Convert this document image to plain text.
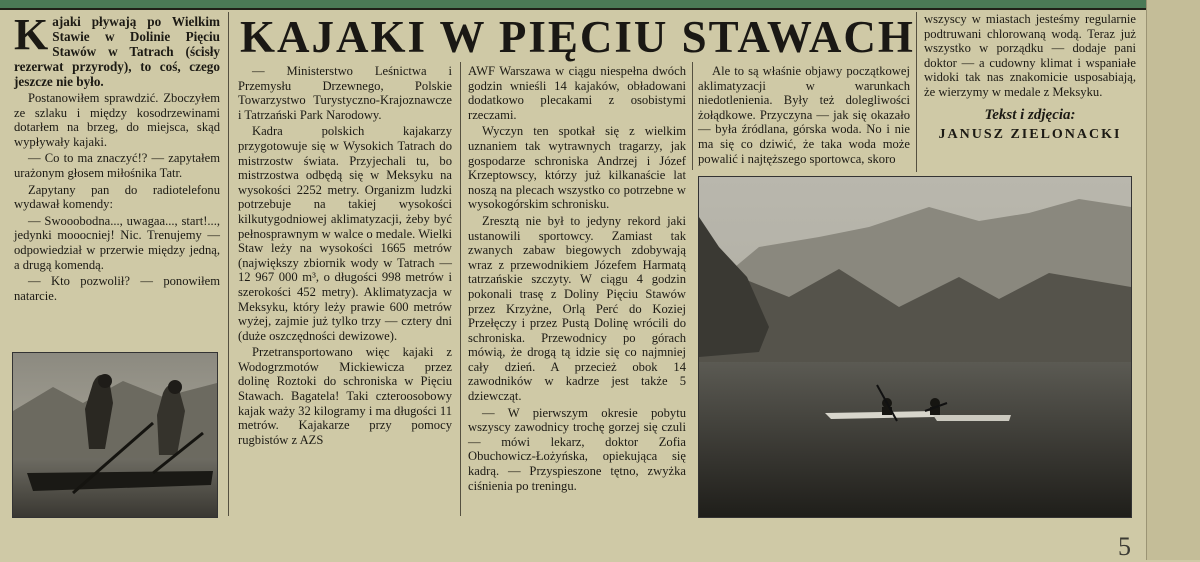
KAJAKI W PIĘCIU STAWACH

Kajaki pływają po Wielkim Stawie w Dolinie Pięciu Stawów w Tatrach (ścisły rezerwat przyrody), to coś, czego jeszcze nie było.

Postanowiłem sprawdzić. Zboczyłem ze szlaku i między kosodrzewinami dotarłem na brzeg, do miejsca, skąd wypływały kajaki.

— Co to ma znaczyć!? — zapytałem urażonym głosem miłośnika Tatr.

Zapytany pan do radiotelefonu wydawał komendy:

— Swooobodna..., uwagaa..., start!..., jedynki mooocniej! Nic. Trenujemy — odpowiedział w przerwie między jedną, a drugą komendą.

— Kto pozwolił? — ponowiłem natarcie.

— Ministerstwo Leśnictwa i Przemysłu Drzewnego, Polskie Towarzystwo Turystyczno-Krajoznawcze i Tatrzański Park Narodowy.

Kadra polskich kajakarzy przygotowuje się w Wysokich Tatrach do mistrzostw świata. Przyjechali tu, bo mistrzostwa odbędą się w Meksyku na wysokości 2252 metry. Organizm ludzki potrzebuje na takiej wysokości kilkutygodniowej aklimatyzacji, żeby być pełnosprawnym w walce o medale. Wielki Staw leży na wysokości 1665 metrów (największy zbiornik wody w Tatrach — 12 967 000 m³, o długości 998 metrów i szerokości 452 metry). Aklimatyzacja w Meksyku, który leży prawie 600 metrów wyżej, zajmie już tylko trzy — cztery dni (duże oszczędności dewizowe).

Przetransportowano więc kajaki z Wodogrzmotów Mickiewicza przez dolinę Roztoki do schroniska w Pięciu Stawach. Bagatela! Taki czteroosobowy kajak waży 32 kilogramy i ma długości 11 metrów. Kajakarze przy pomocy rugbistów z AZS

AWF Warszawa w ciągu niespełna dwóch godzin wnieśli 14 kajaków, obładowani dodatkowo plecakami z osobistymi rzeczami.

Wyczyn ten spotkał się z wielkim uznaniem tak wytrawnych tragarzy, jak gospodarze schroniska Andrzej i Józef Krzeptowscy, którzy już kilkanaście lat noszą na plecach wszystko co potrzebne w wysokogórskim schronisku.

Zresztą nie był to jedyny rekord jaki ustanowili sportowcy. Zamiast tak zwanych zabaw biegowych zdobywają wraz z przewodnikiem Józefem Harmatą tatrzańskie szczyty. W ciągu 4 godzin pokonali trasę z Doliny Pięciu Stawów przez Krzyżne, Orlą Perć do Koziej Przełęczy i przez Pustą Dolinę wrócili do schroniska. Przewodnicy po górach mówią, że drogą tą idzie się co najmniej cały dzień. A przecież obok 14 zawodników w kadrze jest także 5 dziewcząt.

— W pierwszym okresie pobytu wszyscy zawodnicy trochę gorzej się czuli — mówi lekarz, doktor Zofia Obuchowicz-Łożyńska, opiekująca się kadrą. — Przyspieszone tętno, zwyżka ciśnienia po treningu.

Ale to są właśnie objawy początkowej aklimatyzacji w warunkach niedotlenienia. Były też dolegliwości żołądkowe. Przyczyna — jak się okazało — była źródlana, górska woda. No i nie ma się co dziwić, że taka woda może powalić i najtęższego sportowca, skoro

wszyscy w miastach jesteśmy regularnie podtruwani chlorowaną wodą. Teraz już wszystko w porządku — dodaje pani doktor — a cudowny klimat i wspaniałe widoki tak nas znakomicie usposabiają, że wierzymy w medale z Meksyku.

Tekst i zdjęcia:
JANUSZ ZIELONACKI
5
